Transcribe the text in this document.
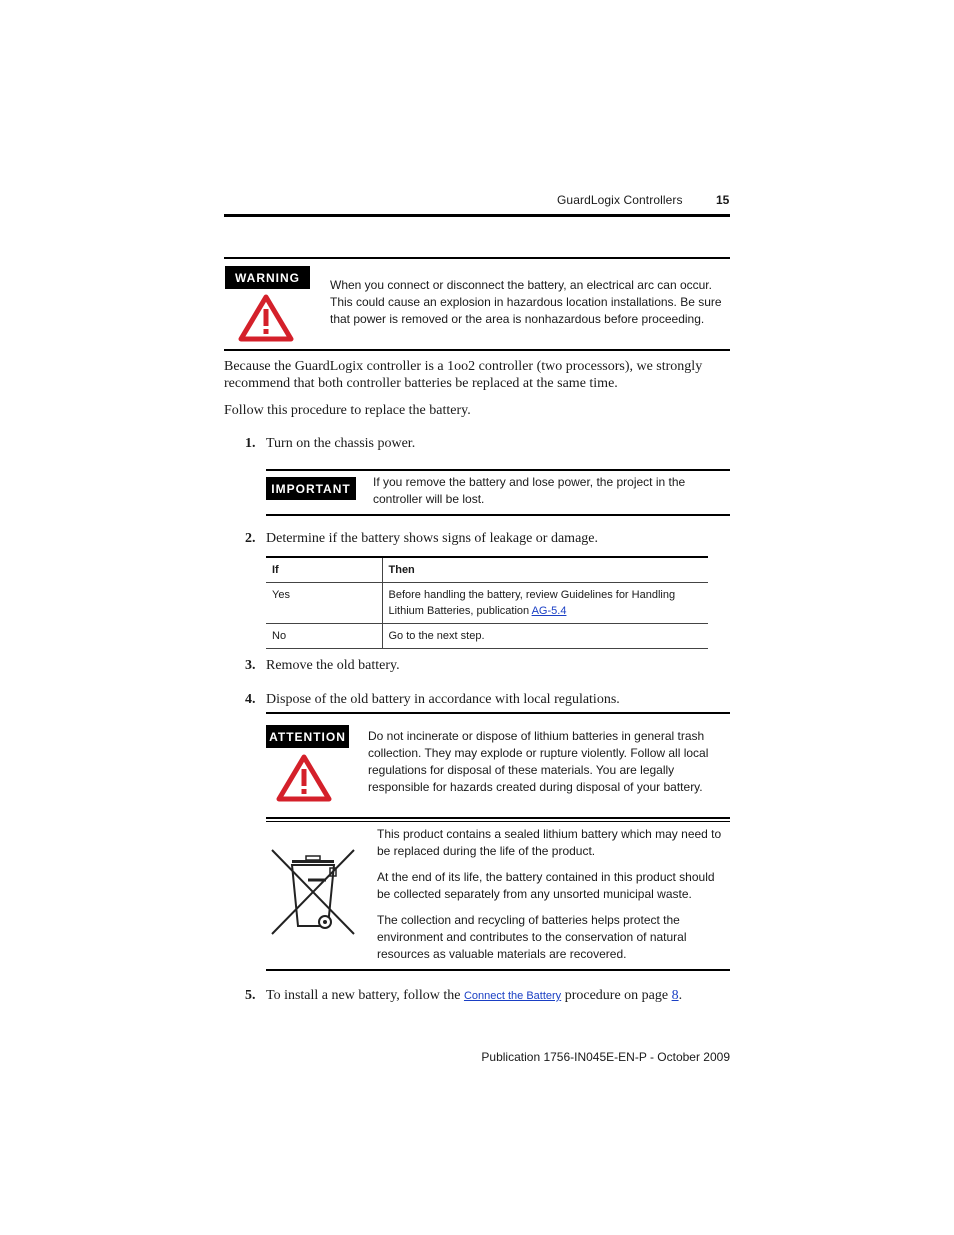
GuardLogix Controllers	15
WARNING
When you connect or disconnect the battery, an electrical arc can occur. This could cause an explosion in hazardous location installations. Be sure that power is removed or the area is nonhazardous before proceeding.
Because the GuardLogix controller is a 1oo2 controller (two processors), we strongly recommend that both controller batteries be replaced at the same time.
Follow this procedure to replace the battery.
1. Turn on the chassis power.
IMPORTANT	If you remove the battery and lose power, the project in the controller will be lost.
2. Determine if the battery shows signs of leakage or damage.
If	Then
Yes	Before handling the battery, review Guidelines for Handling Lithium Batteries, publication AG-5.4
No	Go to the next step.
3. Remove the old battery.
4. Dispose of the old battery in accordance with local regulations.
ATTENTION Do not incinerate or dispose of lithium batteries in general trash collection. They may explode or rupture violently. Follow all local regulations for disposal of these materials. You are legally responsible for hazards created during disposal of your battery.

This product contains a sealed lithium battery which may need to be replaced during the life of the product.

At the end of its life, the battery contained in this product should be collected separately from any unsorted municipal waste.

The collection and recycling of batteries helps protect the environment and contributes to the conservation of natural resources as valuable materials are recovered.

5. To install a new battery, follow the Connect the Battery procedure on page 8.
Publication 1756-IN045E-EN-P - October 2009
